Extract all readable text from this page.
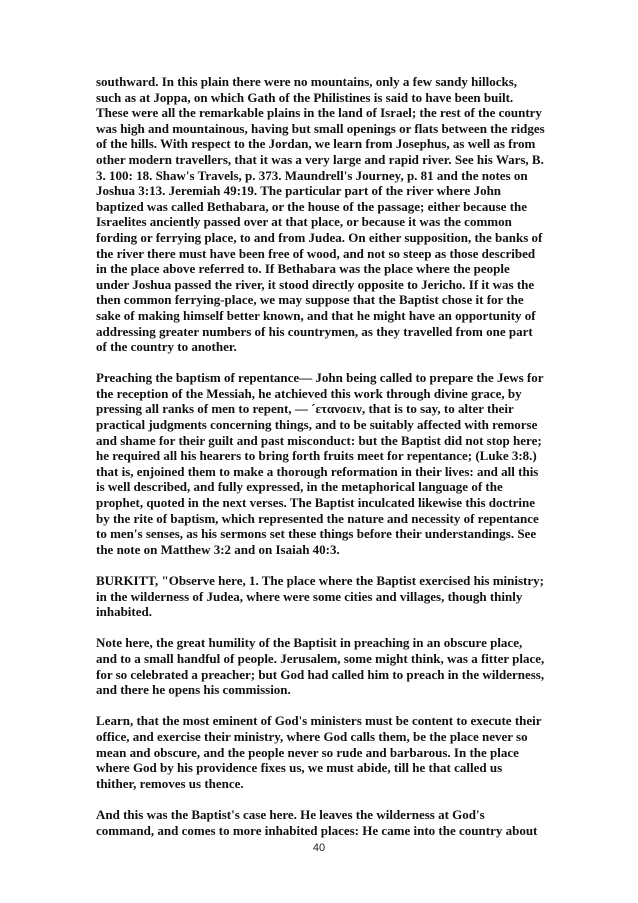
southward. In this plain there were no mountains, only a few sandy hillocks,
such as at Joppa, on which Gath of the Philistines is said to have been built.
These were all the remarkable plains in the land of Israel; the rest of the country
was high and mountainous, having but small openings or flats between the ridges
of the hills. With respect to the Jordan, we learn from Josephus, as well as from
other modern travellers, that it was a very large and rapid river. See his Wars, B.
3. 100: 18. Shaw's Travels, p. 373. Maundrell's Journey, p. 81 and the notes on
Joshua 3:13. Jeremiah 49:19. The particular part of the river where John
baptized was called Bethabara, or the house of the passage; either because the
Israelites anciently passed over at that place, or because it was the common
fording or ferrying place, to and from Judea. On either supposition, the banks of
the river there must have been free of wood, and not so steep as those described
in the place above referred to. If Bethabara was the place where the people
under Joshua passed the river, it stood directly opposite to Jericho. If it was the
then common ferrying-place, we may suppose that the Baptist chose it for the
sake of making himself better known, and that he might have an opportunity of
addressing greater numbers of his countrymen, as they travelled from one part
of the country to another.
Preaching the baptism of repentance— John being called to prepare the Jews for
the reception of the Messiah, he atchieved this work through divine grace, by
pressing all ranks of men to repent, — ´ετανοειν, that is to say, to alter their
practical judgments concerning things, and to be suitably affected with remorse
and shame for their guilt and past misconduct: but the Baptist did not stop here;
he required all his hearers to bring forth fruits meet for repentance; (Luke 3:8.)
that is, enjoined them to make a thorough reformation in their lives: and all this
is well described, and fully expressed, in the metaphorical language of the
prophet, quoted in the next verses. The Baptist inculcated likewise this doctrine
by the rite of baptism, which represented the nature and necessity of repentance
to men's senses, as his sermons set these things before their understandings. See
the note on Matthew 3:2 and on Isaiah 40:3.
BURKITT, "Observe here, 1. The place where the Baptist exercised his ministry;
in the wilderness of Judea, where were some cities and villages, though thinly
inhabited.
Note here, the great humility of the Baptisit in preaching in an obscure place,
and to a small handful of people. Jerusalem, some might think, was a fitter place,
for so celebrated a preacher; but God had called him to preach in the wilderness,
and there he opens his commission.
Learn, that the most eminent of God's ministers must be content to execute their
office, and exercise their ministry, where God calls them, be the place never so
mean and obscure, and the people never so rude and barbarous. In the place
where God by his providence fixes us, we must abide, till he that called us
thither, removes us thence.
And this was the Baptist's case here. He leaves the wilderness at God's
command, and comes to more inhabited places: He came into the country about
40
